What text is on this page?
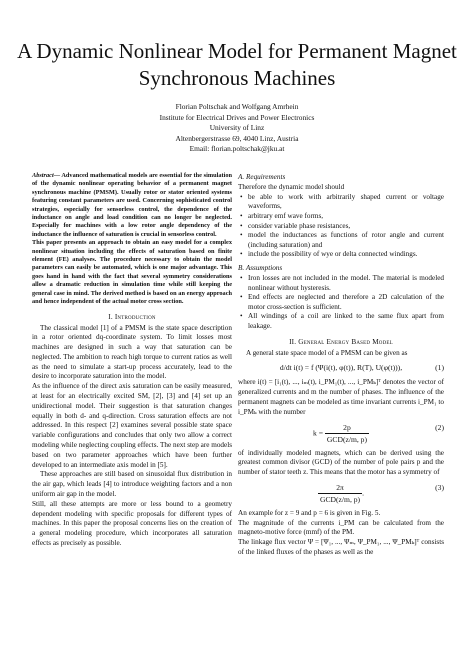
A Dynamic Nonlinear Model for Permanent Magnet
Synchronous Machines
Florian Poltschak and Wolfgang Amrhein
Institute for Electrical Drives and Power Electronics
University of Linz
Altenbergerstrasse 69, 4040 Linz, Austria
Email: florian.poltschak@jku.at

Abstract— Advanced mathematical models are essential for the simulation of the dynamic nonlinear operating behavior of a permanent magnet synchronous machine (PMSM). Usually rotor or stator oriented systems featuring constant parameters are used. Concerning sophisticated control strategies, especially for sensorless control, the dependence of the inductance on angle and load condition can no longer be neglected. Especially for machines with a low rotor angle dependency of the inductance the influence of saturation is crucial in sensorless control.

This paper presents an approach to obtain an easy model for a complex nonlinear situation including the effects of saturation based on finite element (FE) analyses. The procedure necessary to obtain the model parameters can easily be automated, which is one major advantage. This goes hand in hand with the fact that several symmetry considerations allow a dramatic reduction in simulation time while still keeping the general case in mind. The derived method is based on an energy approach and hence independent of the actual motor cross section.

I. Introduction

The classical model [1] of a PMSM is the state space description in a rotor oriented dq-coordinate system. To limit losses most machines are designed in such a way that saturation can be neglected. The ambition to reach high torque to current ratios as well as the need to simulate a start-up process accurately, lead to the desire to incorporate saturation into the model.

As the influence of the direct axis saturation can be easily measured, at least for an electrically excited SM, [2], [3] and [4] set up an unidirectional model. Their suggestion is that saturation changes equally in both d- and q-direction. Cross saturation effects are not addressed. In this respect [2] examines several possible state space variable configurations and concludes that only two allow a correct modeling while neglecting coupling effects. The next step are models based on two parameter approaches which have been further developed to an intermediate axis model in [5].

These approaches are still based on sinusoidal flux distribution in the air gap, which leads [4] to introduce weighting factors and a non uniform air gap in the model.

Still, all these attempts are more or less bound to a geometry dependent modeling with specific proposals for different types of machines. In this paper the proposal concerns lies on the creation of a general modeling procedure, which incorporates all saturation effects as precisely as possible.

A. Requirements

Therefore the dynamic model should

• be able to work with arbitrarily shaped current or voltage waveforms,
• arbitrary emf wave forms,
• consider variable phase resistances,
• model the inductances as functions of rotor angle and current (including saturation) and
• include the possibility of wye or delta connected windings.
B. Assumptions
• Iron losses are not included in the model. The material is modeled nonlinear without hysteresis.
• End effects are neglected and therefore a 2D calculation of the motor cross-section is sufficient.
• All windings of a coil are linked to the same flux apart from leakage.
II. General Energy Based Model

A general state space model of a PMSM can be given as

d/dt i(t) = f (Ψ(i(t), φ(t)), R(T), U(φ(t))),	(1)

where i(t) = [i₁(t), ..., iₘ(t), i_PM₁(t), ..., i_PMₖ]ᵀ denotes the vector of generalized currents and m the number of phases. The influence of the permanent magnets can be modeled as time invariant currents i_PM₁ to i_PMₖ with the number

$k = \frac{2p}{\text{GCD(z/m, p)}}$	(2)

of individually modeled magnets, which can be derived using the greatest common divisor (GCD) of the number of pole pairs p and the number of stator teeth z. This means that the motor has a symmetry of

$\frac{2\pi}{\text{GCD(z/m, p)}}$ .
(3)

An example for z = 9 and p = 6 is given in Fig. 5.

The magnitude of the currents i_PM can be calculated from the magneto-motive force (mmf) of the PM.

The linkage flux vector Ψ = [Ψ₁, ..., Ψₘ, Ψ_PM₁, ..., Ψ_PMₖ]ᵀ consists of the linked fluxes of the phases as well as the
